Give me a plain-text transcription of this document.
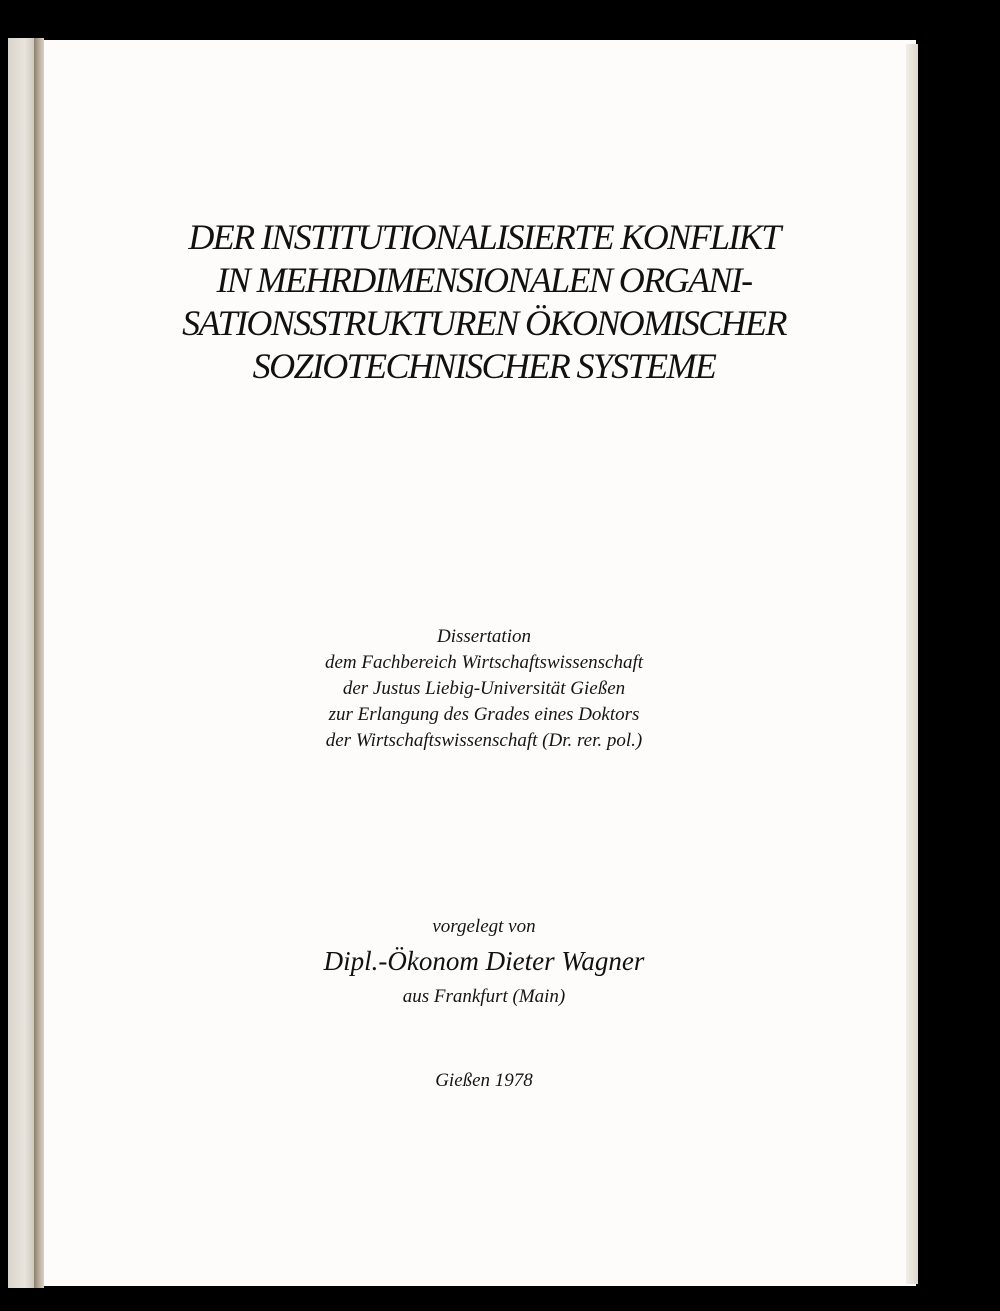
DER INSTITUTIONALISIERTE KONFLIKT
IN MEHRDIMENSIONALEN ORGANI-
SATIONSSTRUKTUREN ÖKONOMISCHER
SOZIOTECHNISCHER SYSTEME
Dissertation
dem Fachbereich Wirtschaftswissenschaft
der Justus Liebig-Universität Gießen
zur Erlangung des Grades eines Doktors
der Wirtschaftswissenschaft (Dr. rer. pol.)
vorgelegt von
Dipl.-Ökonom Dieter Wagner
aus Frankfurt (Main)
Gießen 1978
